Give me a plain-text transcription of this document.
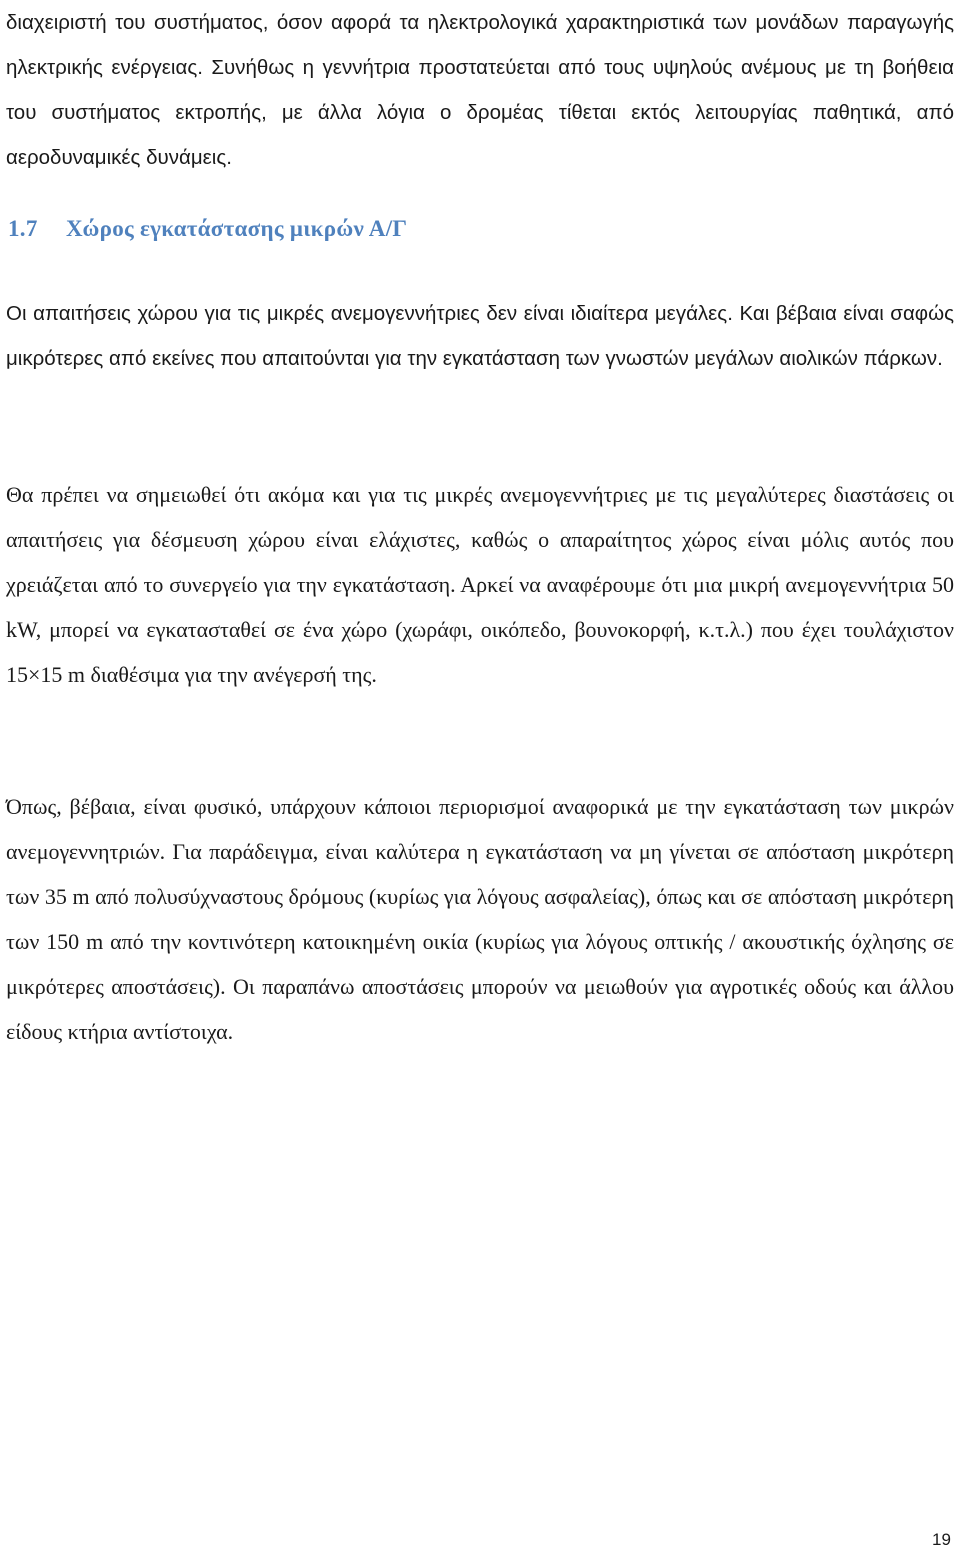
διαχειριστή του συστήματος, όσον αφορά τα ηλεκτρολογικά χαρακτηριστικά των μονάδων παραγωγής ηλεκτρικής ενέργειας. Συνήθως η γεννήτρια προστατεύεται από τους υψηλούς ανέμους με τη βοήθεια του συστήματος εκτροπής, με άλλα λόγια ο δρομέας τίθεται εκτός λειτουργίας παθητικά, από αεροδυναμικές δυνάμεις.

1.7 Χώρος εγκατάστασης μικρών Α/Γ

Οι απαιτήσεις χώρου για τις μικρές ανεμογεννήτριες δεν είναι ιδιαίτερα μεγάλες. Και βέβαια είναι σαφώς μικρότερες από εκείνες που απαιτούνται για την εγκατάσταση των γνωστών μεγάλων αιολικών πάρκων.

Θα πρέπει να σημειωθεί ότι ακόμα και για τις μικρές ανεμογεννήτριες με τις μεγαλύτερες διαστάσεις οι απαιτήσεις για δέσμευση χώρου είναι ελάχιστες, καθώς ο απαραίτητος χώρος είναι μόλις αυτός που χρειάζεται από το συνεργείο για την εγκατάσταση. Αρκεί να αναφέρουμε ότι μια μικρή ανεμογεννήτρια 50 kW, μπορεί να εγκατασταθεί σε ένα χώρο (χωράφι, οικόπεδο, βουνοκορφή, κ.τ.λ.) που έχει τουλάχιστον 15×15 m διαθέσιμα για την ανέγερσή της.

Όπως, βέβαια, είναι φυσικό, υπάρχουν κάποιοι περιορισμοί αναφορικά με την εγκατάσταση των μικρών ανεμογεννητριών. Για παράδειγμα, είναι καλύτερα η εγκατάσταση να μη γίνεται σε απόσταση μικρότερη των 35 m από πολυσύχναστους δρόμους (κυρίως για λόγους ασφαλείας), όπως και σε απόσταση μικρότερη των 150 m από την κοντινότερη κατοικημένη οικία (κυρίως για λόγους οπτικής / ακουστικής όχλησης σε μικρότερες αποστάσεις). Οι παραπάνω αποστάσεις μπορούν να μειωθούν για αγροτικές οδούς και άλλου είδους κτήρια αντίστοιχα.

19
